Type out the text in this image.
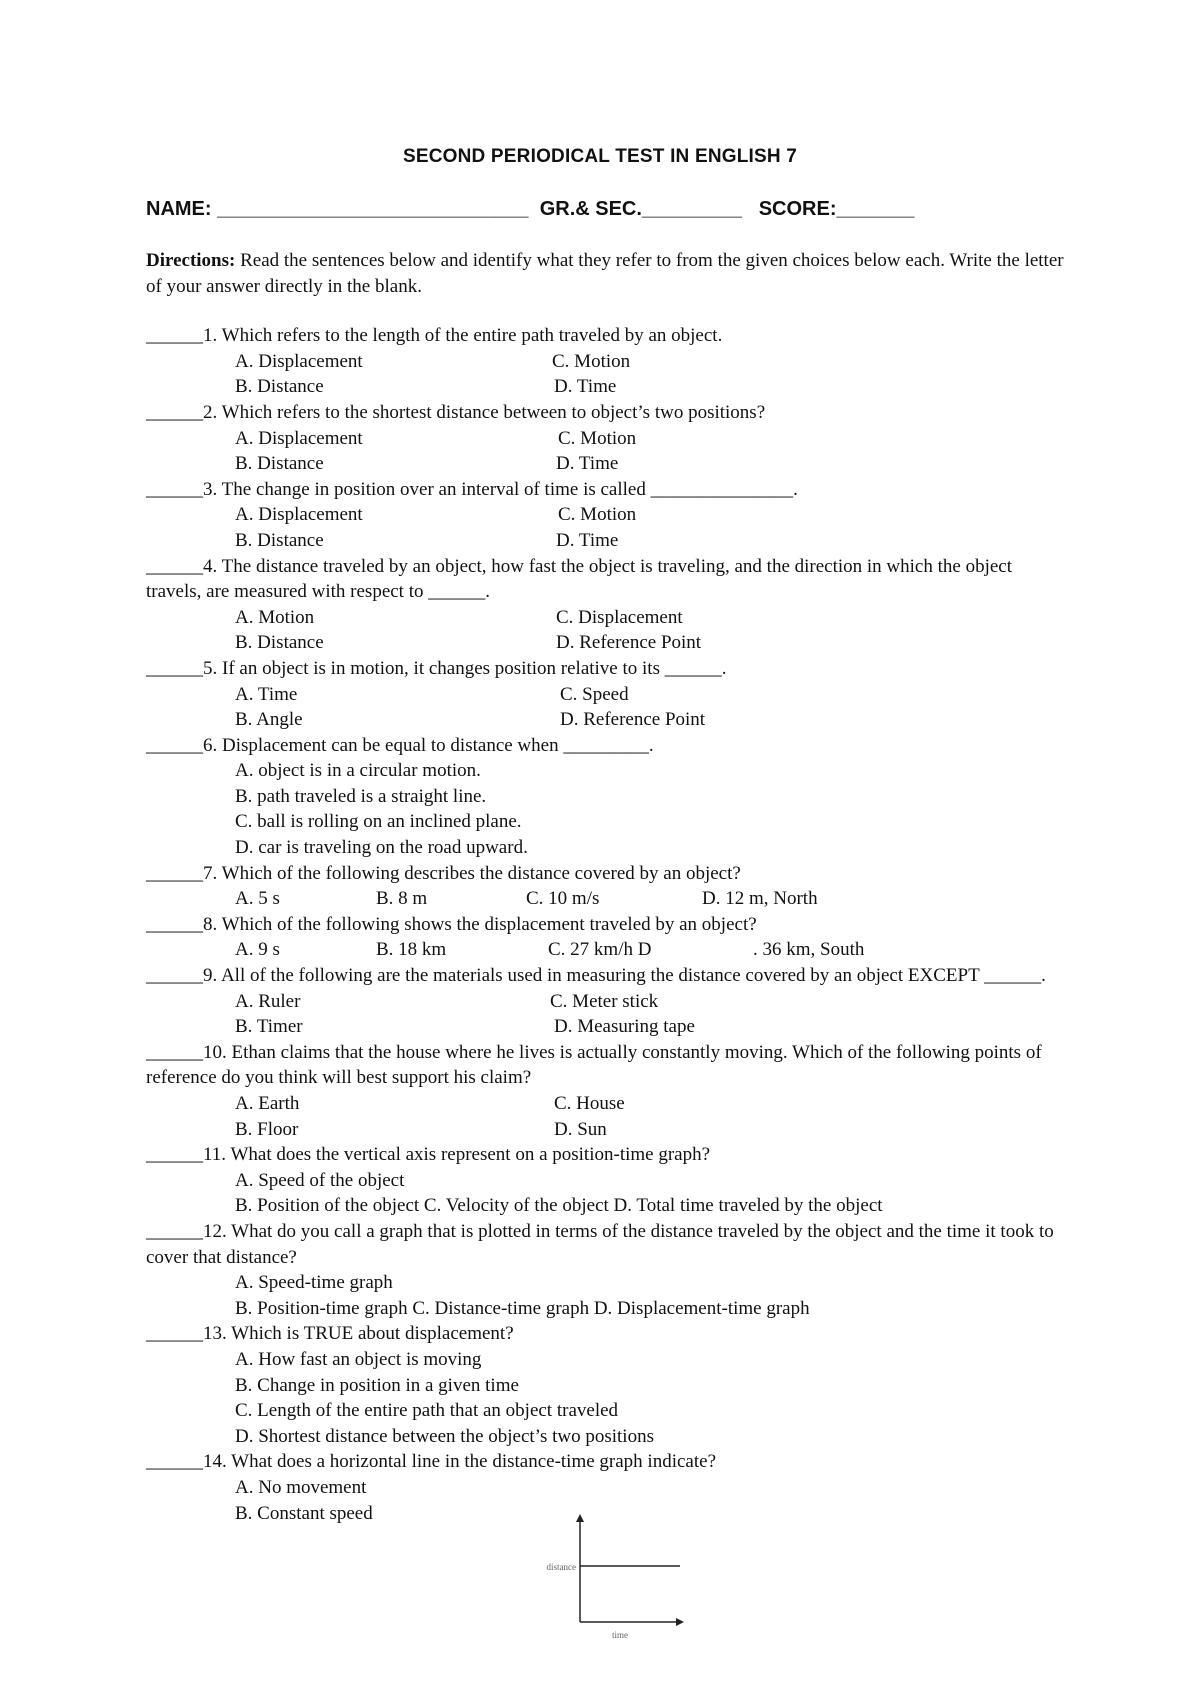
SECOND PERIODICAL TEST IN ENGLISH 7
NAME: ____________________________ GR.& SEC._________ SCORE:_______
Directions: Read the sentences below and identify what they refer to from the given choices below each. Write the letter of your answer directly in the blank.
______1. Which refers to the length of the entire path traveled by an object.
A. Displacement	C. Motion
B. Distance	D. Time
______2. Which refers to the shortest distance between to object’s two positions?
A. Displacement	C. Motion
B. Distance	D. Time
______3. The change in position over an interval of time is called _______________.
A. Displacement	C. Motion
B. Distance	D. Time
______4. The distance traveled by an object, how fast the object is traveling, and the direction in which the object travels, are measured with respect to ______.
A. Motion	C. Displacement
B. Distance	D. Reference Point
______5. If an object is in motion, it changes position relative to its ______.
A. Time	C. Speed
B. Angle	D. Reference Point
______6. Displacement can be equal to distance when _________.
A. object is in a circular motion.
B. path traveled is a straight line.
C. ball is rolling on an inclined plane.
D. car is traveling on the road upward.
______7. Which of the following describes the distance covered by an object?
A. 5 s	B. 8 m	C. 10 m/s	D. 12 m, North
______8. Which of the following shows the displacement traveled by an object?
A. 9 s	B. 18 km	C. 27 km/h D	. 36 km, South
______9. All of the following are the materials used in measuring the distance covered by an object EXCEPT ______.
A. Ruler	C. Meter stick
B. Timer	D. Measuring tape
______10. Ethan claims that the house where he lives is actually constantly moving. Which of the following points of reference do you think will best support his claim?
A. Earth	C. House
B. Floor	D. Sun
______11. What does the vertical axis represent on a position-time graph?
A. Speed of the object
B. Position of the object C. Velocity of the object D. Total time traveled by the object
______12. What do you call a graph that is plotted in terms of the distance traveled by the object and the time it took to cover that distance?
A. Speed-time graph
B. Position-time graph C. Distance-time graph D. Displacement-time graph
______13. Which is TRUE about displacement?
A. How fast an object is moving
B. Change in position in a given time
C. Length of the entire path that an object traveled
D. Shortest distance between the object’s two positions
______14. What does a horizontal line in the distance-time graph indicate?
A. No movement
B. Constant speed
distance
time
